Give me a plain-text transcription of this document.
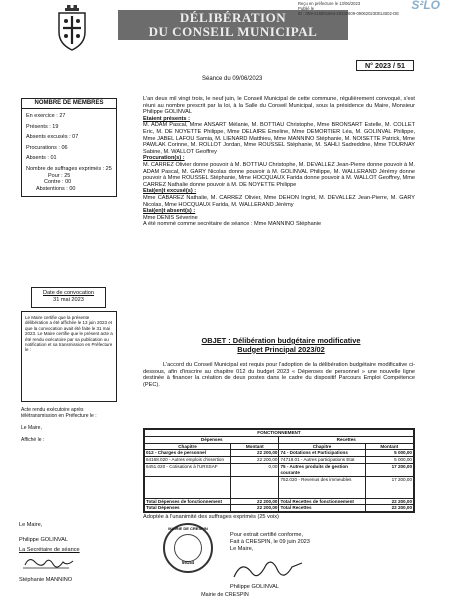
DÉLIBÉRATION
DU CONSEIL MUNICIPAL
Reçu en préfecture le 13/06/2023
Publié le
ID : 059-215901664-20230609-09062023DELIB02-DE
S²LO
N° 2023 / 51
Séance du 09/06/2023
NOMBRE DE MEMBRES
En exercice : 27
Présents : 19
Absents excusés : 07
Procurations : 06
Absents : 01
Nombre de suffrages exprimés : 25
Pour : 25
Contre : 00
Abstentions : 00

L'an deux mil vingt trois, le neuf juin, le Conseil Municipal de cette commune, régulièrement convoqué, s'est réuni au nombre prescrit par la loi, à la Salle du Conseil Municipal, sous la présidence du Maire, Monsieur Philippe GOLINVAL

Etaient présents :

M. ADAM Pascal, Mme ANSART Mélanie, M. BOTTIAU Christophe, Mme BRONSART Estelle, M. COLLET Eric, M. DE NOYETTE Philippe, Mme DELAIRE Emeline, Mme DEMORTIER Léa, M. GOLINVAL Philippe, Mme JABEL LAFOU Samia, M. LIENARD Matthieu, Mme MANNINO Stéphanie, M. NOISETTE Patrick, Mme PAWLAK Corinne, M. ROLLOT Jordan, Mme ROUSSEL Stéphanie, M. SAHLI Sadreddine, Mme TOURNAY Sabine, M. WALLOT Geoffrey

Procuration(s) :

M. CARREZ Olivier donne pouvoir à M. BOTTIAU Christophe, M. DEVALLEZ Jean-Pierre donne pouvoir à M. ADAM Pascal, M. GARY Nicolas donne pouvoir à M. GOLINVAL Philippe, M. WALLERAND Jérémy donne pouvoir à Mme ROUSSEL Stéphanie, Mme HOCQUAUX Farida donne pouvoir à M. WALLOT Geoffrey, Mme CARREZ Nathalie donne pouvoir à M. DE NOYETTE Philippe

Etai(en)t excusé(s) :

Mme CABAREZ Nathalie, M. CARREZ Olivier, Mme DEHON Ingrid, M. DEVALLEZ Jean-Pierre, M. GARY Nicolas, Mme HOCQUAUX Farida, M. WALLERAND Jérémy

Etai(en)t absent(s) :

Mme DENIS Séverine

A été nommé comme secrétaire de séance : Mme MANNINO Stéphanie

Date de convocation
31 mai 2023
Le Maire certifie que la présente délibération a été affichée le 13 juin 2023 et que la convocation avait été faite le 31 mai 2023. Le Maire certifie que le présent acte a été rendu exécutoire par sa publication ou notification et sa transmission en Préfecture le :
Acte rendu exécutoire après télétransmission en Préfecture le :
Le Maire,
Affiché le :
OBJET : Délibération budgétaire modificative
Budget Principal 2023/02
L'accord du Conseil Municipal est requis pour l'adoption de la délibération budgétaire modificative ci-dessous, afin d'inscrire au chapitre 012 du budget 2023 « Dépenses de personnel » une nouvelle ligne destinée à financer la création de deux postes dans le cadre du dispositif Parcours Emploi Compétence (PEC).
FONCTIONNEMENT			
Dépenses		Recettes	
Chapitre	Montant	Chapitre	Montant
012 - Charges de personnel	22 200,00	74 - Dotations et Participations	5 000,00
64168.020 - Autres emplois d'insertion	22 200,00	74718.01 - Autres participations Etat	5 000,00
6451.020 - Cotisations à l'URSSAF	0,00	75 - Autres produits de gestion courante	17 200,00
		752.020 - Revenus des immeubles	17 200,00
Total Dépenses de fonctionnement	22 200,00	Total Recettes de fonctionnement	22 200,00
Total Dépenses	22 200,00	Total Recettes	22 200,00
Adoptée à l'unanimité des suffrages exprimés (25 voix)
Le Maire,
Philippe GOLINVAL
La Secrétaire de séance
Stéphanie MANNINO
MAIRIE DE CRESPIN
59154
Pour extrait certifié conforme,
Fait à CRESPIN, le 09 juin 2023
Le Maire,
Philippe GOLINVAL
Mairie de CRESPIN
